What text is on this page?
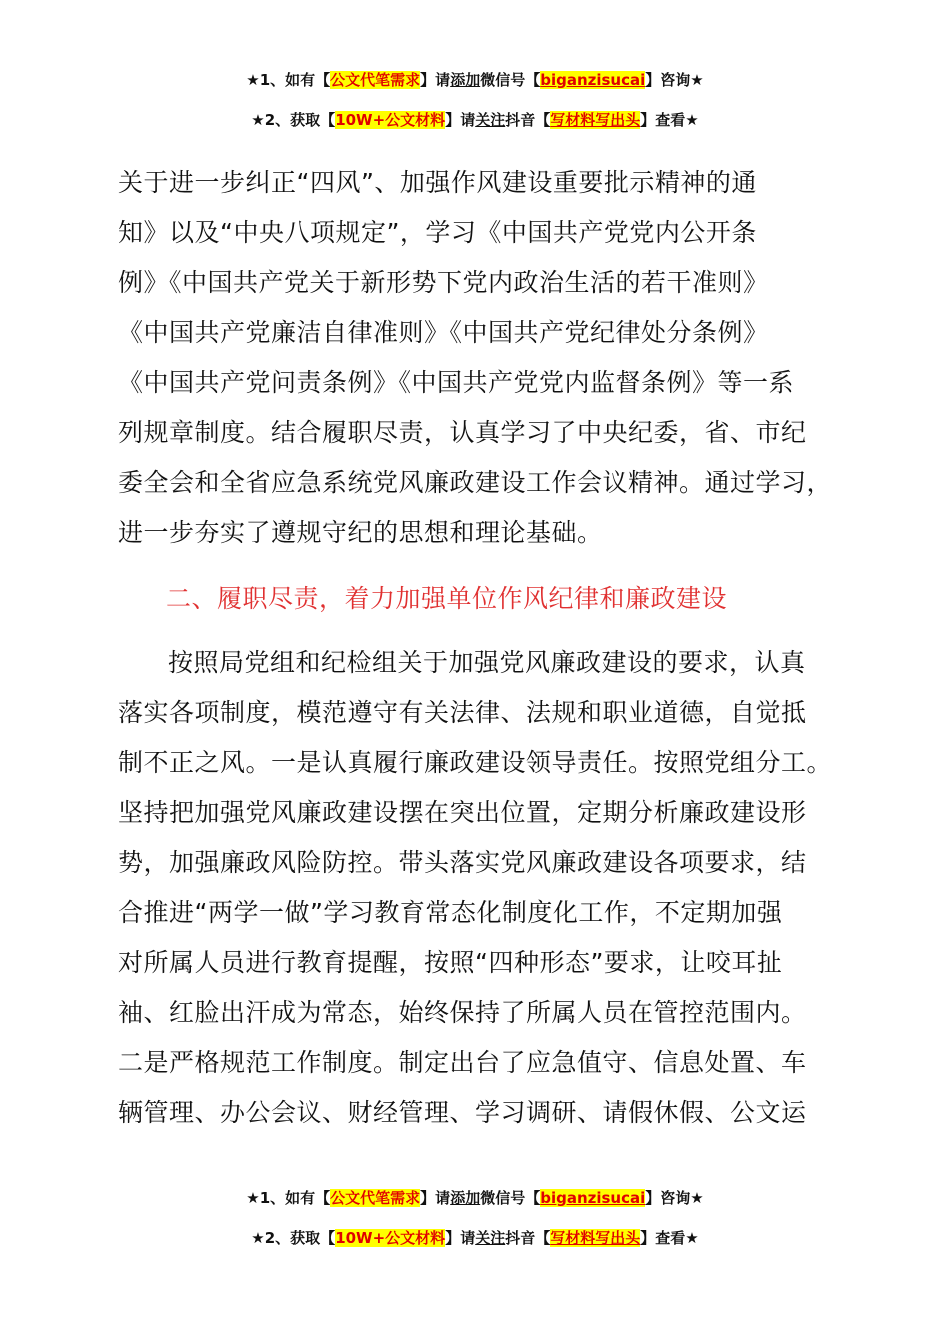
★1、如有【公文代笔需求】请添加微信号【biganzisucai】咨询★
★2、获取【10W+公文材料】请关注抖音【写材料写出头】查看★
关于进一步纠正“四风”、加强作风建设重要批示精神的通
知》以及“中央八项规定”，学习《中国共产党党内公开条
例》《中国共产党关于新形势下党内政治生活的若干准则》
《中国共产党廉洁自律准则》《中国共产党纪律处分条例》
《中国共产党问责条例》《中国共产党党内监督条例》等一系
列规章制度。结合履职尽责，认真学习了中央纪委，省、市纪
委全会和全省应急系统党风廉政建设工作会议精神。通过学习，
进一步夯实了遵规守纪的思想和理论基础。
二、履职尽责，着力加强单位作风纪律和廉政建设
按照局党组和纪检组关于加强党风廉政建设的要求，认真
落实各项制度，模范遵守有关法律、法规和职业道德，自觉抵
制不正之风。一是认真履行廉政建设领导责任。按照党组分工。
坚持把加强党风廉政建设摆在突出位置，定期分析廉政建设形
势，加强廉政风险防控。带头落实党风廉政建设各项要求，结
合推进“两学一做”学习教育常态化制度化工作，不定期加强
对所属人员进行教育提醒，按照“四种形态”要求，让咬耳扯
袖、红脸出汗成为常态，始终保持了所属人员在管控范围内。
二是严格规范工作制度。制定出台了应急值守、信息处置、车
辆管理、办公会议、财经管理、学习调研、请假休假、公文运
★1、如有【公文代笔需求】请添加微信号【biganzisucai】咨询★
★2、获取【10W+公文材料】请关注抖音【写材料写出头】查看★
